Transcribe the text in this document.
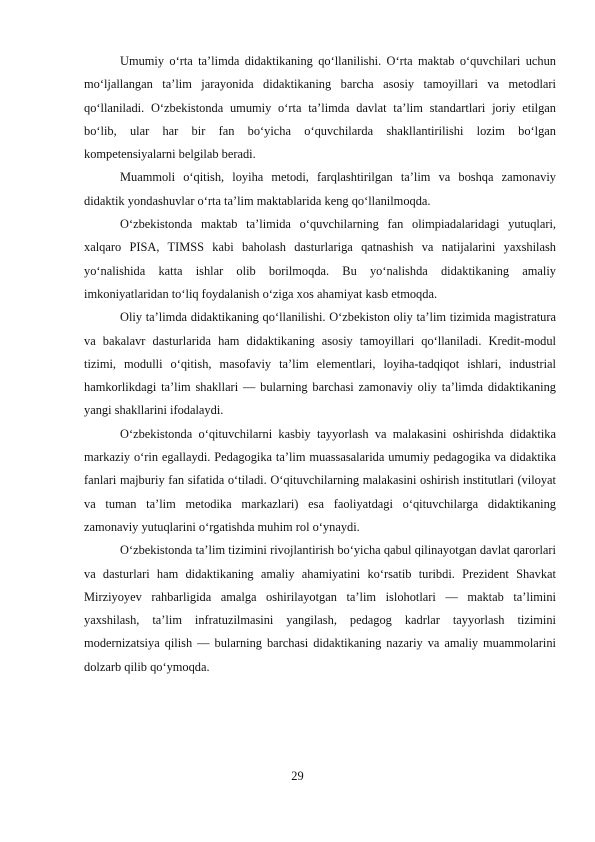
Umumiy o‘rta ta’limda didaktikaning qo‘llanilishi. O‘rta maktab o‘quvchilari uchun mo‘ljallangan ta’lim jarayonida didaktikaning barcha asosiy tamoyillari va metodlari qo‘llaniladi. O‘zbekistonda umumiy o‘rta ta’limda davlat ta’lim standartlari joriy etilgan bo‘lib, ular har bir fan bo‘yicha o‘quvchilarda shakllantirilishi lozim bo‘lgan kompetensiyalarni belgilab beradi.

Muammoli o‘qitish, loyiha metodi, farqlashtirilgan ta’lim va boshqa zamonaviy didaktik yondashuvlar o‘rta ta’lim maktablarida keng qo‘llanilmoqda.

O‘zbekistonda maktab ta’limida o‘quvchilarning fan olimpiadalaridagi yutuqlari, xalqaro PISA, TIMSS kabi baholash dasturlariga qatnashish va natijalarini yaxshilash yo‘nalishida katta ishlar olib borilmoqda. Bu yo‘nalishda didaktikaning amaliy imkoniyatlaridan to‘liq foydalanish o‘ziga xos ahamiyat kasb etmoqda.

Oliy ta’limda didaktikaning qo‘llanilishi. O‘zbekiston oliy ta’lim tizimida magistratura va bakalavr dasturlarida ham didaktikaning asosiy tamoyillari qo‘llaniladi. Kredit-modul tizimi, modulli o‘qitish, masofaviy ta’lim elementlari, loyiha-tadqiqot ishlari, industrial hamkorlikdagi ta’lim shakllari — bularning barchasi zamonaviy oliy ta’limda didaktikaning yangi shakllarini ifodalaydi.

O‘zbekistonda o‘qituvchilarni kasbiy tayyorlash va malakasini oshirishda didaktika markaziy o‘rin egallaydi. Pedagogika ta’lim muassasalarida umumiy pedagogika va didaktika fanlari majburiy fan sifatida o‘tiladi. O‘qituvchilarning malakasini oshirish institutlari (viloyat va tuman ta’lim metodika markazlari) esa faoliyatdagi o‘qituvchilarga didaktikaning zamonaviy yutuqlarini o‘rgatishda muhim rol o‘ynaydi.

O‘zbekistonda ta’lim tizimini rivojlantirish bo‘yicha qabul qilinayotgan davlat qarorlari va dasturlari ham didaktikaning amaliy ahamiyatini ko‘rsatib turibdi. Prezident Shavkat Mirziyoyev rahbarligida amalga oshirilayotgan ta’lim islohotlari — maktab ta’limini yaxshilash, ta’lim infratuzilmasini yangilash, pedagog kadrlar tayyorlash tizimini modernizatsiya qilish — bularning barchasi didaktikaning nazariy va amaliy muammolarini dolzarb qilib qo‘ymoqda.

29
